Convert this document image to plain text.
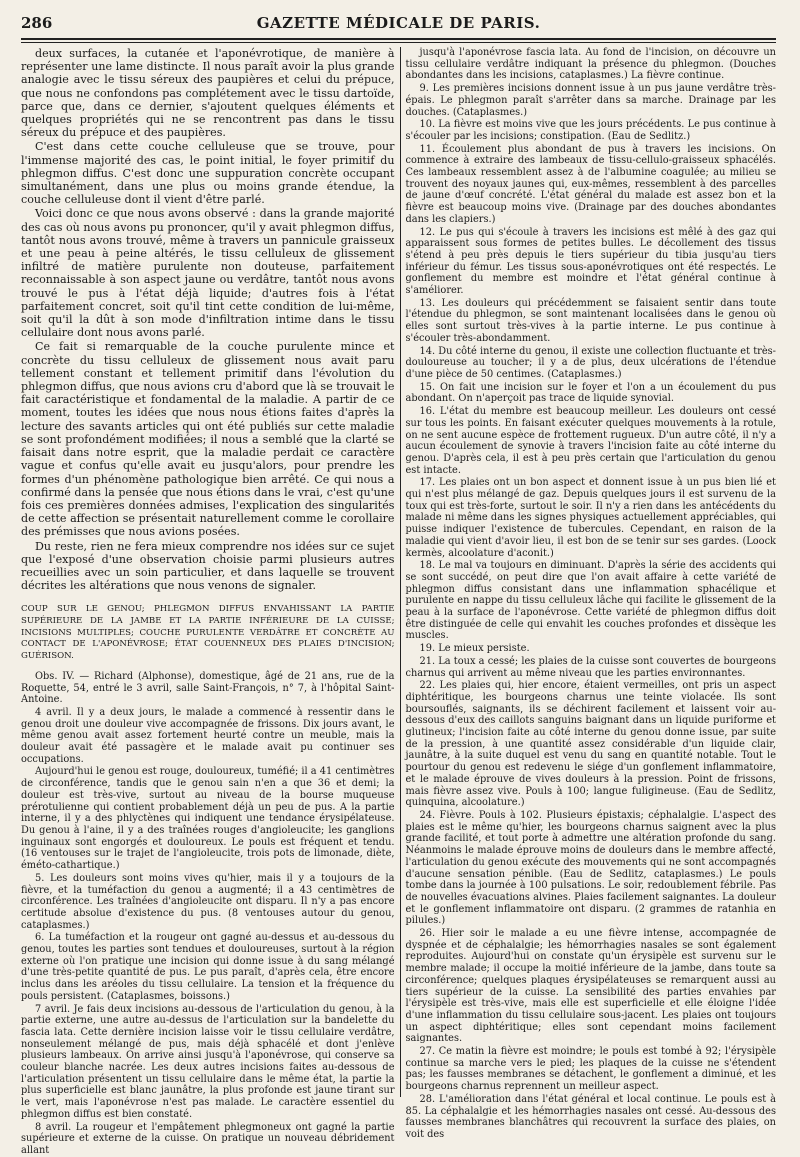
286	GAZETTE MÉDICALE DE PARIS.

deux surfaces, la cutanée et l'aponévrotique, de manière à représenter une lame distincte. Il nous paraît avoir la plus grande analogie avec le tissu séreux des paupières et celui du prépuce, que nous ne confondons pas complétement avec le tissu dartoïde, parce que, dans ce dernier, s'ajoutent quelques éléments et quelques propriétés qui ne se rencontrent pas dans le tissu séreux du prépuce et des paupières.

C'est dans cette couche celluleuse que se trouve, pour l'immense majorité des cas, le point initial, le foyer primitif du phlegmon diffus. C'est donc une suppuration concrète occupant simultanément, dans une plus ou moins grande étendue, la couche celluleuse dont il vient d'être parlé.

Voici donc ce que nous avons observé : dans la grande majorité des cas où nous avons pu prononcer, qu'il y avait phlegmon diffus, tantôt nous avons trouvé, même à travers un pannicule graisseux et une peau à peine altérés, le tissu celluleux de glissement infiltré de matière purulente non douteuse, parfaitement reconnaissable à son aspect jaune ou verdâtre, tantôt nous avons trouvé le pus à l'état déjà liquide; d'autres fois à l'état parfaitement concret, soit qu'il tint cette condition de lui-même, soit qu'il la dût à son mode d'infiltration intime dans le tissu cellulaire dont nous avons parlé.

Ce fait si remarquable de la couche purulente mince et concrète du tissu celluleux de glissement nous avait paru tellement constant et tellement primitif dans l'évolution du phlegmon diffus, que nous avions cru d'abord que là se trouvait le fait caractéristique et fondamental de la maladie. A partir de ce moment, toutes les idées que nous nous étions faites d'après la lecture des savants articles qui ont été publiés sur cette maladie se sont profondément modifiées; il nous a semblé que la clarté se faisait dans notre esprit, que la maladie perdait ce caractère vague et confus qu'elle avait eu jusqu'alors, pour prendre les formes d'un phénomène pathologique bien arrêté. Ce qui nous a confirmé dans la pensée que nous étions dans le vrai, c'est qu'une fois ces premières données admises, l'explication des singularités de cette affection se présentait naturellement comme le corollaire des prémisses que nous avions posées.

Du reste, rien ne fera mieux comprendre nos idées sur ce sujet que l'exposé d'une observation choisie parmi plusieurs autres recueillies avec un soin particulier, et dans laquelle se trouvent décrites les altérations que nous venons de signaler.

COUP SUR LE GENOU; PHLEGMON DIFFUS ENVAHISSANT LA PARTIE SUPÉRIEURE DE LA JAMBE ET LA PARTIE INFÉRIEURE DE LA CUISSE; INCISIONS MULTIPLES; COUCHE PURULENTE VERDÂTRE ET CONCRÈTE AU CONTACT DE L'APONÉVROSE; ÉTAT COUENNEUX DES PLAIES D'INCISION; GUÉRISON.

Obs. IV. — Richard (Alphonse), domestique, âgé de 21 ans, rue de la Roquette, 54, entré le 3 avril, salle Saint-François, n° 7, à l'hôpital Saint-Antoine.

4 avril. Il y a deux jours, le malade a commencé à ressentir dans le genou droit une douleur vive accompagnée de frissons. Dix jours avant, le même genou avait assez fortement heurté contre un meuble, mais la douleur avait été passagère et le malade avait pu continuer ses occupations.

Aujourd'hui le genou est rouge, douloureux, tuméfié; il a 41 centimètres de circonférence, tandis que le genou sain n'en a que 36 et demi; la douleur est très-vive, surtout au niveau de la bourse muqueuse prérotulienne qui contient probablement déjà un peu de pus. A la partie interne, il y a des phlyctènes qui indiquent une tendance érysipélateuse. Du genou à l'aine, il y a des traînées rouges d'angioleucite; les ganglions inguinaux sont engorgés et douloureux. Le pouls est fréquent et tendu. (16 ventouses sur le trajet de l'angioleucite, trois pots de limonade, diète, éméto-cathartique.)

5. Les douleurs sont moins vives qu'hier, mais il y a toujours de la fièvre, et la tuméfaction du genou a augmenté; il a 43 centimètres de circonférence. Les traînées d'angioleucite ont disparu. Il n'y a pas encore certitude absolue d'existence du pus. (8 ventouses autour du genou, cataplasmes.)

6. La tuméfaction et la rougeur ont gagné au-dessus et au-dessous du genou, toutes les parties sont tendues et douloureuses, surtout à la région externe où l'on pratique une incision qui donne issue à du sang mélangé d'une très-petite quantité de pus. Le pus paraît, d'après cela, être encore inclus dans les aréoles du tissu cellulaire. La tension et la fréquence du pouls persistent. (Cataplasmes, boissons.)

7 avril. Je fais deux incisions au-dessous de l'articulation du genou, à la partie externe, une autre au-dessus de l'articulation sur la bandelette du fascia lata. Cette dernière incision laisse voir le tissu cellulaire verdâtre, nonseulement mélangé de pus, mais déjà sphacélé et dont j'enlève plusieurs lambeaux. On arrive ainsi jusqu'à l'aponévrose, qui conserve sa couleur blanche nacrée. Les deux autres incisions faites au-dessous de l'articulation présentent un tissu cellulaire dans le même état, la partie la plus superficielle est blanc jaunâtre, la plus profonde est jaune tirant sur le vert, mais l'aponévrose n'est pas malade. Le caractère essentiel du phlegmon diffus est bien constaté.

8 avril. La rougeur et l'empâtement phlegmoneux ont gagné la partie supérieure et externe de la cuisse. On pratique un nouveau débridement allant

jusqu'à l'aponévrose fascia lata. Au fond de l'incision, on découvre un tissu cellulaire verdâtre indiquant la présence du phlegmon. (Douches abondantes dans les incisions, cataplasmes.) La fièvre continue.

9. Les premières incisions donnent issue à un pus jaune verdâtre très-épais. Le phlegmon paraît s'arrêter dans sa marche. Drainage par les douches. (Cataplasmes.)

10. La fièvre est moins vive que les jours précédents. Le pus continue à s'écouler par les incisions; constipation. (Eau de Sedlitz.)

11. Écoulement plus abondant de pus à travers les incisions. On commence à extraire des lambeaux de tissu-cellulo-graisseux sphacélés. Ces lambeaux ressemblent assez à de l'albumine coagulée; au milieu se trouvent des noyaux jaunes qui, eux-mêmes, ressemblent à des parcelles de jaune d'œuf concrété. L'état général du malade est assez bon et la fièvre est beaucoup moins vive. (Drainage par des douches abondantes dans les clapiers.)

12. Le pus qui s'écoule à travers les incisions est mêlé à des gaz qui apparaissent sous formes de petites bulles. Le décollement des tissus s'étend à peu près depuis le tiers supérieur du tibia jusqu'au tiers inférieur du fémur. Les tissus sous-aponévrotiques ont été respectés. Le gonflement du membre est moindre et l'état général continue à s'améliorer.

13. Les douleurs qui précédemment se faisaient sentir dans toute l'étendue du phlegmon, se sont maintenant localisées dans le genou où elles sont surtout très-vives à la partie interne. Le pus continue à s'écouler très-abondamment.

14. Du côté interne du genou, il existe une collection fluctuante et très-douloureuse au toucher; il y a de plus, deux ulcérations de l'étendue d'une pièce de 50 centimes. (Cataplasmes.)

15. On fait une incision sur le foyer et l'on a un écoulement du pus abondant. On n'aperçoit pas trace de liquide synovial.

16. L'état du membre est beaucoup meilleur. Les douleurs ont cessé sur tous les points. En faisant exécuter quelques mouvements à la rotule, on ne sent aucune espèce de frottement rugueux. D'un autre côté, il n'y a aucun écoulement de synovie à travers l'incision faite au côté interne du genou. D'après cela, il est à peu près certain que l'articulation du genou est intacte.

17. Les plaies ont un bon aspect et donnent issue à un pus bien lié et qui n'est plus mélangé de gaz. Depuis quelques jours il est survenu de la toux qui est très-forte, surtout le soir. Il n'y a rien dans les antécédents du malade ni même dans les signes physiques actuellement appréciables, qui puisse indiquer l'existence de tubercules. Cependant, en raison de la maladie qui vient d'avoir lieu, il est bon de se tenir sur ses gardes. (Loock kermès, alcoolature d'aconit.)

18. Le mal va toujours en diminuant. D'après la série des accidents qui se sont succédé, on peut dire que l'on avait affaire à cette variété de phlegmon diffus consistant dans une inflammation sphacélique et purulente en nappe du tissu celluleux lâche qui facilite le glissement de la peau à la surface de l'aponévrose. Cette variété de phlegmon diffus doit être distinguée de celle qui envahit les couches profondes et dissèque les muscles.

19. Le mieux persiste.

21. La toux a cessé; les plaies de la cuisse sont couvertes de bourgeons charnus qui arrivent au même niveau que les parties environnantes.

22. Les plaies qui, hier encore, étaient vermeilles, ont pris un aspect diphtéritique, les bourgeons charnus une teinte violacée. Ils sont boursouflés, saignants, ils se déchirent facilement et laissent voir au-dessous d'eux des caillots sanguins baignant dans un liquide puriforme et glutineux; l'incision faite au côté interne du genou donne issue, par suite de la pression, à une quantité assez considérable d'un liquide clair, jaunâtre, à la suite duquel est venu du sang en quantité notable. Tout le pourtour du genou est redevenu le siége d'un gonflement inflammatoire, et le malade éprouve de vives douleurs à la pression. Point de frissons, mais fièvre assez vive. Pouls à 100; langue fuligineuse. (Eau de Sedlitz, quinquina, alcoolature.)

24. Fièvre. Pouls à 102. Plusieurs épistaxis; céphalalgie. L'aspect des plaies est le même qu'hier, les bourgeons charnus saignent avec la plus grande facilité, et tout porte à admettre une altération profonde du sang. Néanmoins le malade éprouve moins de douleurs dans le membre affecté, l'articulation du genou exécute des mouvements qui ne sont accompagnés d'aucune sensation pénible. (Eau de Sedlitz, cataplasmes.) Le pouls tombe dans la journée à 100 pulsations. Le soir, redoublement fébrile. Pas de nouvelles évacuations alvines. Plaies facilement saignantes. La douleur et le gonflement inflammatoire ont disparu. (2 grammes de ratanhia en pilules.)

26. Hier soir le malade a eu une fièvre intense, accompagnée de dyspnée et de céphalalgie; les hémorrhagies nasales se sont également reproduites. Aujourd'hui on constate qu'un érysipèle est survenu sur le membre malade; il occupe la moitié inférieure de la jambe, dans toute sa circonférence; quelques plaques érysipélateuses se remarquent aussi au tiers supérieur de la cuisse. La sensibilité des parties envahies par l'érysipèle est très-vive, mais elle est superficielle et elle éloigne l'idée d'une inflammation du tissu cellulaire sous-jacent. Les plaies ont toujours un aspect diphtéritique; elles sont cependant moins facilement saignantes.

27. Ce matin la fièvre est moindre; le pouls est tombé à 92; l'érysipèle continue sa marche vers le pied; les plaques de la cuisse ne s'étendent pas; les fausses membranes se détachent, le gonflement a diminué, et les bourgeons charnus reprennent un meilleur aspect.

28. L'amélioration dans l'état général et local continue. Le pouls est à 85. La céphalalgie et les hémorrhagies nasales ont cessé. Au-dessous des fausses membranes blanchâtres qui recouvrent la surface des plaies, on voit des
